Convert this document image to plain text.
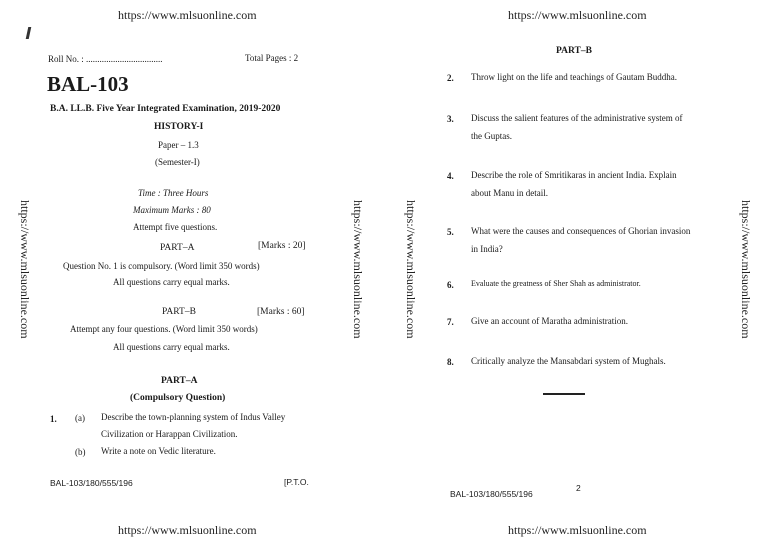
https://www.mlsuonline.com	https://www.mlsuonline.com
https://www.mlsuonline.com	https://www.mlsuonline.com
https://www.mlsuonline.com	https://www.mlsuonline.com	https://www.mlsuonline.com	https://www.mlsuonline.com
Roll No. : ..................................	Total Pages : 2
BAL-103
B.A. LL.B. Five Year Integrated Examination, 2019-2020
HISTORY-I
Paper – 1.3
(Semester-I)
Time : Three Hours
Maximum Marks : 80
Attempt five questions.
PART–A	[Marks : 20]
Question No. 1 is compulsory. (Word limit 350 words)
All questions carry equal marks.
PART–B	[Marks : 60]
Attempt any four questions. (Word limit 350 words)
All questions carry equal marks.
PART–A
(Compulsory Question)
1. (a) Describe the town-planning system of Indus Valley
Civilization or Harappan Civilization.
(b) Write a note on Vedic literature.
BAL-103/180/555/196	[P.T.O.
PART–B
2. Throw light on the life and teachings of Gautam Buddha.
3. Discuss the salient features of the administrative system of
the Guptas.
4. Describe the role of Smritikaras in ancient India. Explain
about Manu in detail.
5. What were the causes and consequences of Ghorian invasion
in India?
6. Evaluate the greatness of Sher Shah as administrator.
7. Give an account of Maratha administration.
8. Critically analyze the Mansabdari system of Mughals.
BAL-103/180/555/196
2
